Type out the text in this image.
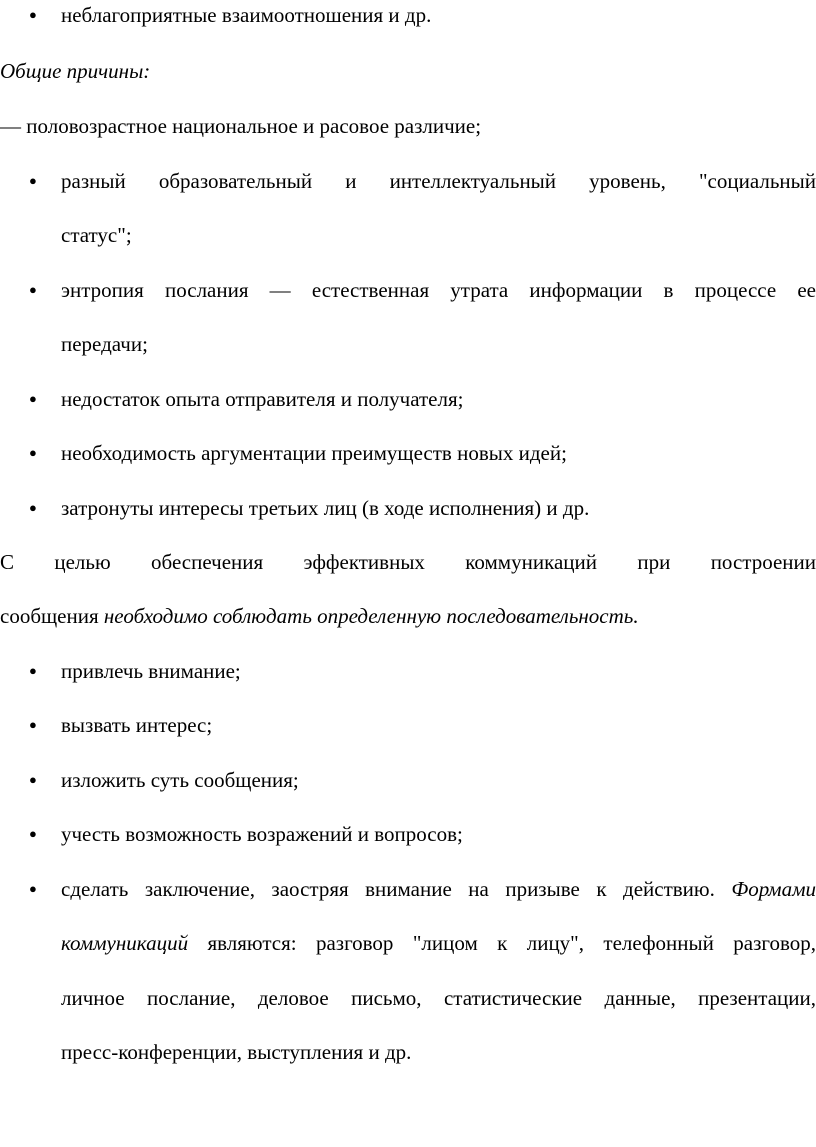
● неблагоприятные взаимоотношения и др.
Общие причины:
— половозрастное национальное и расовое различие;
● разный образовательный и интеллектуальный уровень, "социальный
статус";
● энтропия послания — естественная утрата информации в процессе ее
передачи;
● недостаток опыта отправителя и получателя;
● необходимость аргументации преимуществ новых идей;
● затронуты интересы третьих лиц (в ходе исполнения) и др.
С целью обеспечения эффективных коммуникаций при построении
сообщения необходимо соблюдать определенную последовательность.
● привлечь внимание;
● вызвать интерес;
● изложить суть сообщения;
● учесть возможность возражений и вопросов;
● сделать заключение, заостряя внимание на призыве к действию. Формами
коммуникаций являются: разговор "лицом к лицу", телефонный разговор,
личное послание, деловое письмо, статистические данные, презентации,
пресс-конференции, выступления и др.
